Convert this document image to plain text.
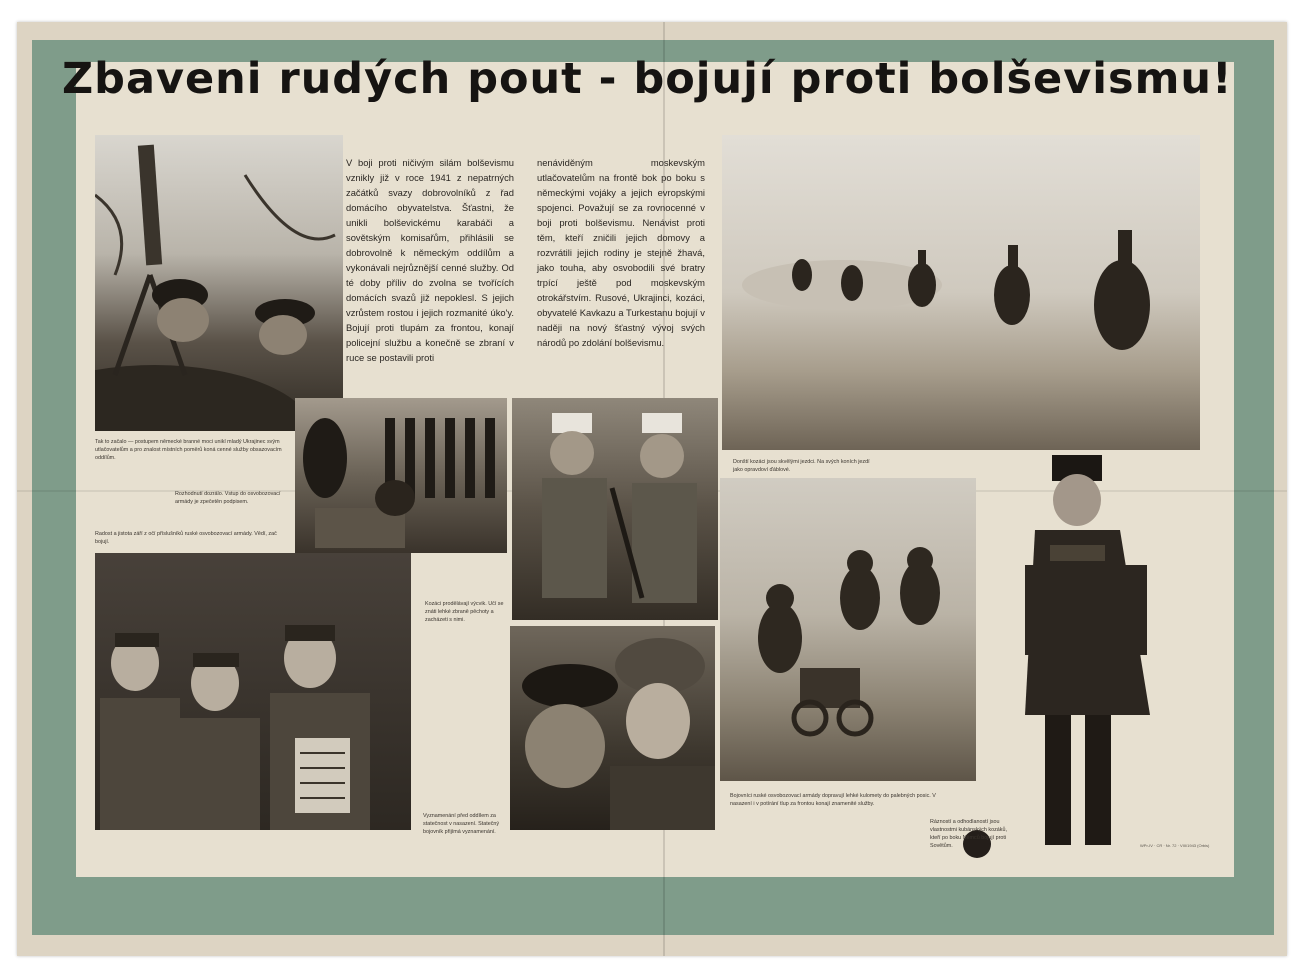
Zbaveni rudých pout - bojují proti bolševismu!
V boji proti ničivým silám bolševismu vznikly již v roce 1941 z nepatrných začátků svazy dobrovolníků z řad domácího obyvatelstva. Šťastni, že unikli bolševickému karabáči a sovětským komisařům, přihlásili se dobrovolně k německým oddílům a vykonávali nejrůznější cenné služby. Od té doby příliv do zvolna se tvořících domácích svazů již nepoklesl. S jejich vzrůstem rostou i jejich rozmanité úko'y. Bojují proti tlupám za frontou, konají policejní službu a konečně se zbraní v ruce se postavili proti
nenáviděným moskevským utlačovatelům na frontě bok po boku s německými vojáky a jejich evropskými spojenci. Považují se za rovnocenné v boji proti bolševismu. Nenávist proti těm, kteří zničili jejich domovy a rozvrátili jejich rodiny je stejně žhavá, jako touha, aby osvobodili své bratry trpící ještě pod moskevským otrokářstvím. Rusové, Ukrajinci, kozáci, obyvatelé Kavkazu a Turkestanu bojují v naději na nový šťastný vývoj svých národů po zdolání bolševismu.
Tak to začalo — postupem německé branné moci unikl mladý Ukrajinec svým utlačovatelům a pro znalost místních poměrů koná cenné služby obsazovacím oddílům.
Rozhodnutí dozrálo. Vstup do osvobozovací armády je zpečetěn podpisem.
Radost a jistota září z očí příslušníků ruské osvobozovací armády. Vědí, zač bojují.
Kozáci prodělávají výcvik. Učí se znáti lehké zbraně pěchoty a zacházeti s nimi.
Vyznamenání před oddílem za statečnost v nasazení. Statečný bojovník přijímá vyznamenání.
Donští kozáci jsou skvělými jezdci. Na svých koních jezdí jako opravdoví ďáblové.
Bojovníci ruské osvobozovací armády dopravují lehké kulomety do palebných posic. V nasazení i v potírání tlup za frontou konají znamenité služby.
Rázností a odhodlaností jsou vlastnostmi kubánských kozáků, kteří po boku Němců bojují proti Sovětům.	WPr-IV · CR · Nr. 72 · VIII/1943 (Orbis)
